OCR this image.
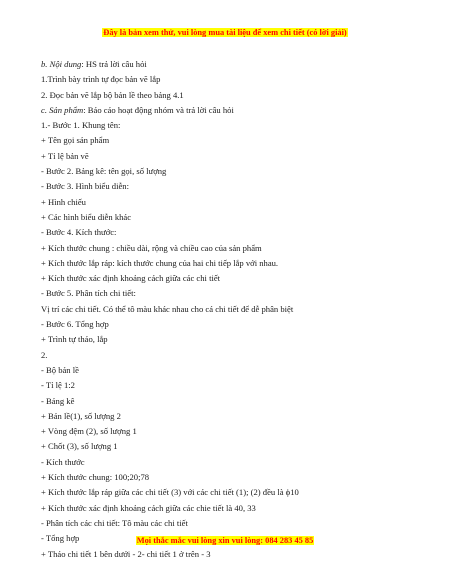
Đây là bản xem thử, vui lòng mua tài liệu để xem chi tiết (có lời giải)
b. Nội dung: HS trả lời câu hỏi
1.Trình bày trình tự đọc bản vẽ lắp
2. Đọc bản vẽ lắp bộ bản lề theo bảng 4.1
c. Sản phẩm: Báo cáo hoạt động nhóm và trả lời câu hỏi
1.- Bước 1. Khung tên:
+ Tên gọi sản phẩm
+ Tỉ lệ bản vẽ
- Bước 2. Bảng kê: tên gọi, số lượng
- Bước 3. Hình biểu diễn:
+ Hình chiếu
+ Các hình biểu diễn khác
- Bước 4. Kích thước:
+ Kích thước chung : chiều dài, rộng và chiều cao của sản phẩm
+ Kích thước lắp ráp: kích thước chung của hai chi tiếp lắp với nhau.
+ Kích thước xác định khoảng cách giữa các chi tiết
- Bước 5. Phân tích chi tiết:
Vị trí các chi tiết. Có thể tô màu khác nhau cho cá chi tiết để dễ phân biệt
- Bước 6. Tổng hợp
+ Trình tự tháo, lắp
2.
- Bộ bản lề
- Tỉ lệ 1:2
- Bảng kê
+ Bản lề(1), số lượng 2
+ Vòng đệm (2), số lượng 1
+ Chốt (3), số lượng 1
- Kích thước
+ Kích thước chung: 100;20;78
+ Kích thước lắp ráp giữa các chi tiết (3) với các chi tiết (1); (2) đều là ϕ10
+ Kích thước xác định khoảng cách giữa các chie tiết là 40, 33
- Phân tích các chi tiết: Tô màu các chi tiết
- Tổng hợp
+ Tháo chi tiết 1 bên dưới - 2- chi tiết 1 ở trên - 3
Mọi thắc mắc vui lòng xin vui lòng: 084 283 45 85
